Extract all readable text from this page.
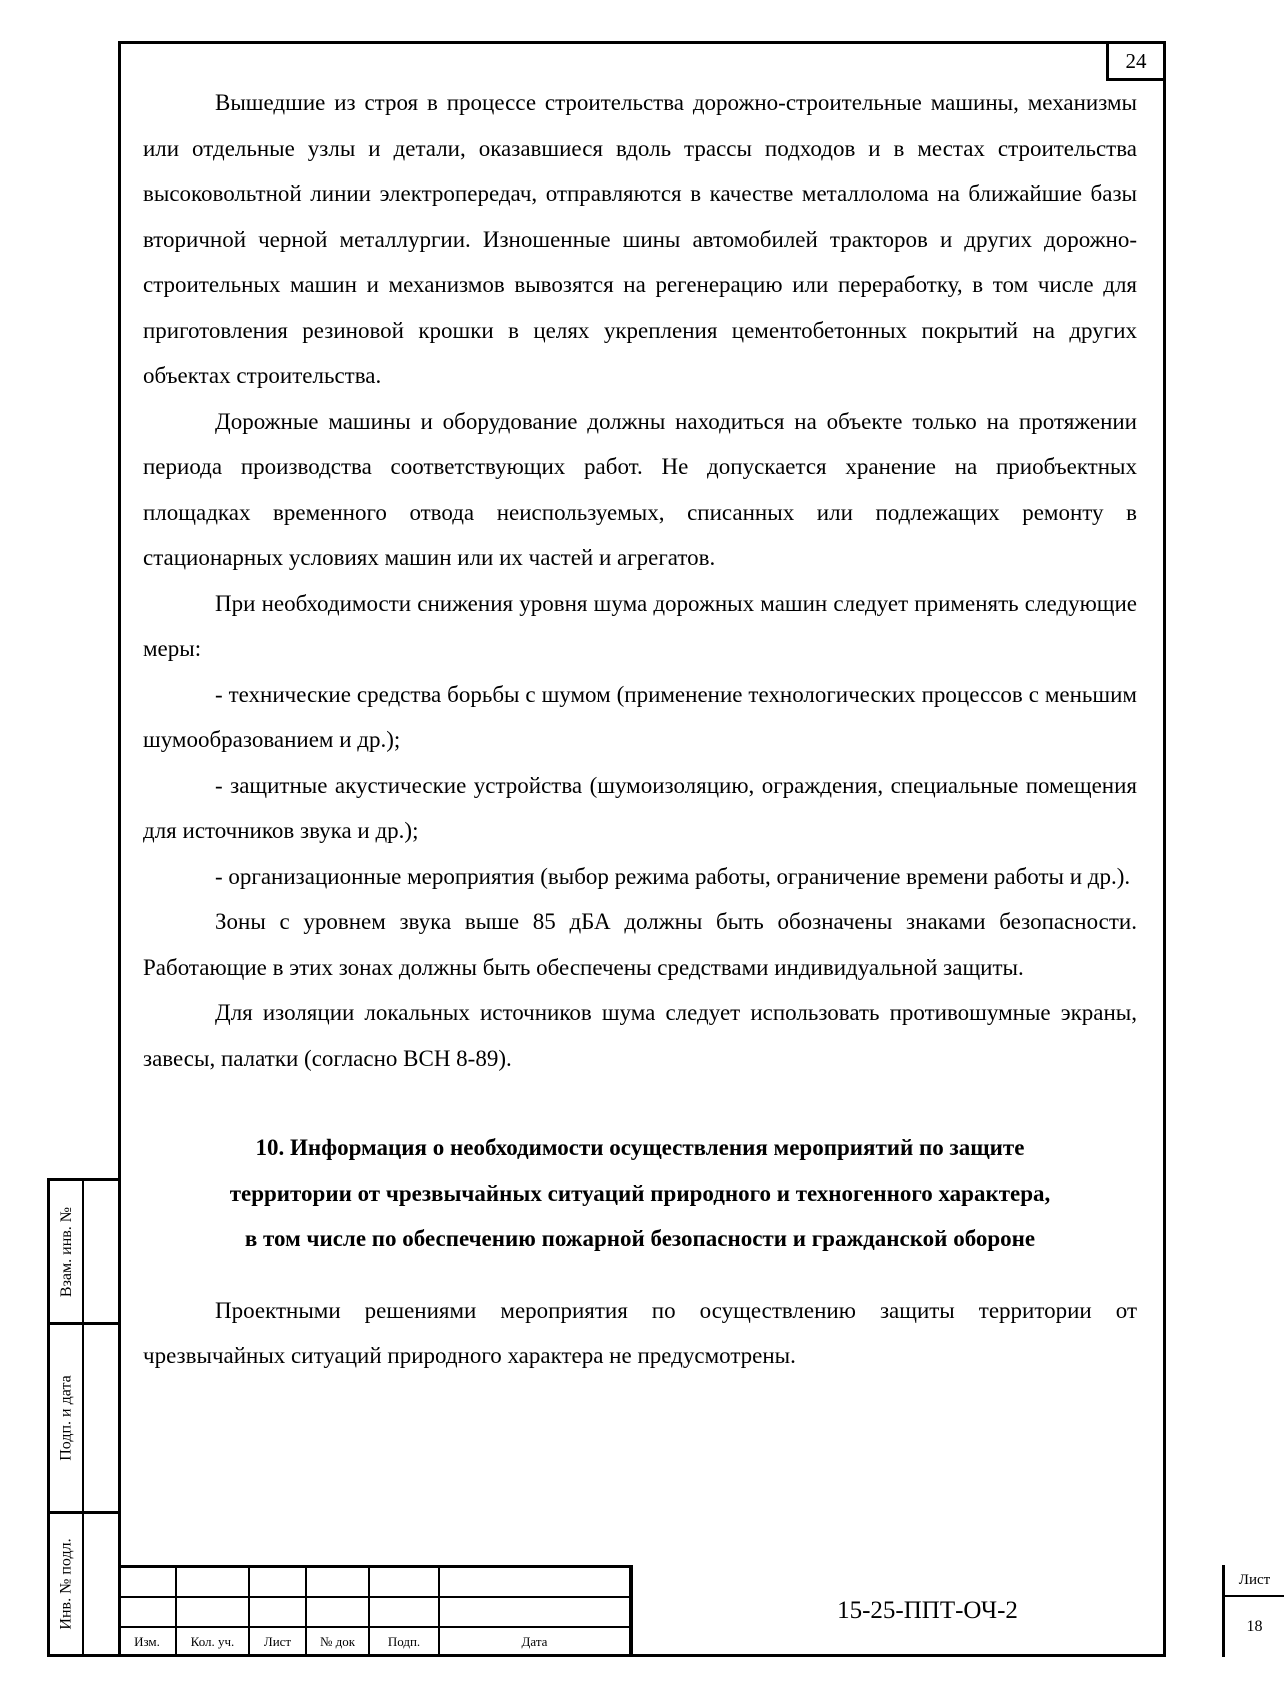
24

Вышедшие из строя в процессе строительства дорожно-строительные машины, механизмы или отдельные узлы и детали, оказавшиеся вдоль трассы подходов и в местах строительства высоковольтной линии электропередач, отправляются в качестве металлолома на ближайшие базы вторичной черной металлургии. Изношенные шины автомобилей тракторов и других дорожно-строительных машин и механизмов вывозятся на регенерацию или переработку, в том числе для приготовления резиновой крошки в целях укрепления цементобетонных покрытий на других объектах строительства.

Дорожные машины и оборудование должны находиться на объекте только на протяжении периода производства соответствующих работ. Не допускается хранение на приобъектных площадках временного отвода неиспользуемых, списанных или подлежащих ремонту в стационарных условиях машин или их частей и агрегатов.

При необходимости снижения уровня шума дорожных машин следует применять следующие меры:

- технические средства борьбы с шумом (применение технологических процессов с меньшим шумообразованием и др.);

- защитные акустические устройства (шумоизоляцию, ограждения, специальные помещения для источников звука и др.);

- организационные мероприятия (выбор режима работы, ограничение времени работы и др.).

Зоны с уровнем звука выше 85 дБА должны быть обозначены знаками безопасности. Работающие в этих зонах должны быть обеспечены средствами индивидуальной защиты.

Для изоляции локальных источников шума следует использовать противошумные экраны, завесы, палатки (согласно ВСН 8-89).

10. Информация о необходимости осуществления мероприятий по защите
территории от чрезвычайных ситуаций природного и техногенного характера,
в том числе по обеспечению пожарной безопасности и гражданской обороне

Проектными решениями мероприятия по осуществлению защиты территории от чрезвычайных ситуаций природного характера не предусмотрены.

Взам. инв. №
Подп. и дата
Инв. № подл.
Изм.	Кол. уч.	Лист	№ док	Подп.	Дата
15-25-ППТ-ОЧ-2
Лист
18
